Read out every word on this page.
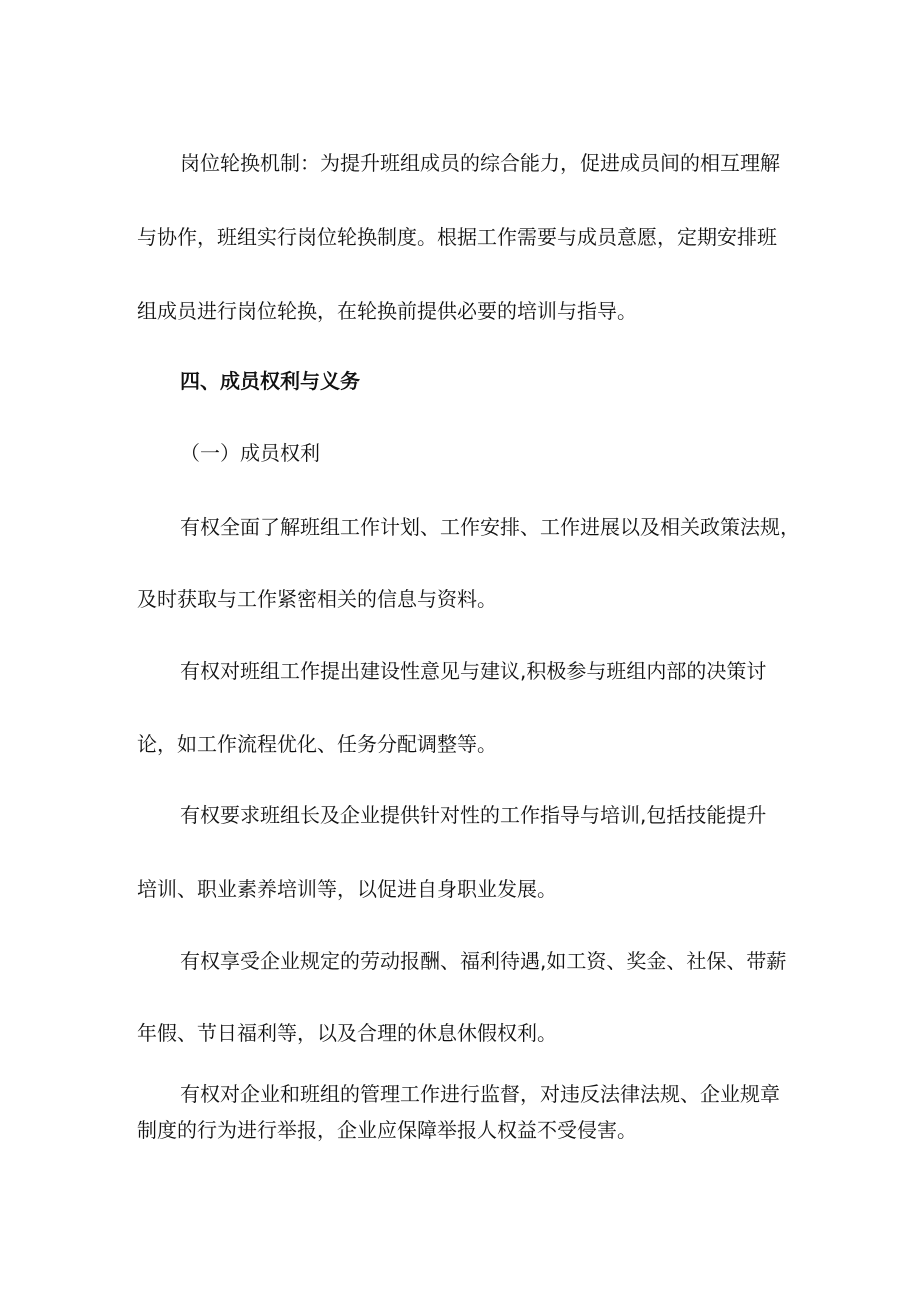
岗位轮换机制：为提升班组成员的综合能力，促进成员间的相互理解
与协作，班组实行岗位轮换制度。根据工作需要与成员意愿，定期安排班
组成员进行岗位轮换，在轮换前提供必要的培训与指导。
四、成员权利与义务
（一）成员权利
有权全面了解班组工作计划、工作安排、工作进展以及相关政策法规，
及时获取与工作紧密相关的信息与资料。
有权对班组工作提出建设性意见与建议,积极参与班组内部的决策讨
论，如工作流程优化、任务分配调整等。
有权要求班组长及企业提供针对性的工作指导与培训,包括技能提升
培训、职业素养培训等，以促进自身职业发展。
有权享受企业规定的劳动报酬、福利待遇,如工资、奖金、社保、带薪
年假、节日福利等，以及合理的休息休假权利。
有权对企业和班组的管理工作进行监督，对违反法律法规、企业规章
制度的行为进行举报，企业应保障举报人权益不受侵害。
